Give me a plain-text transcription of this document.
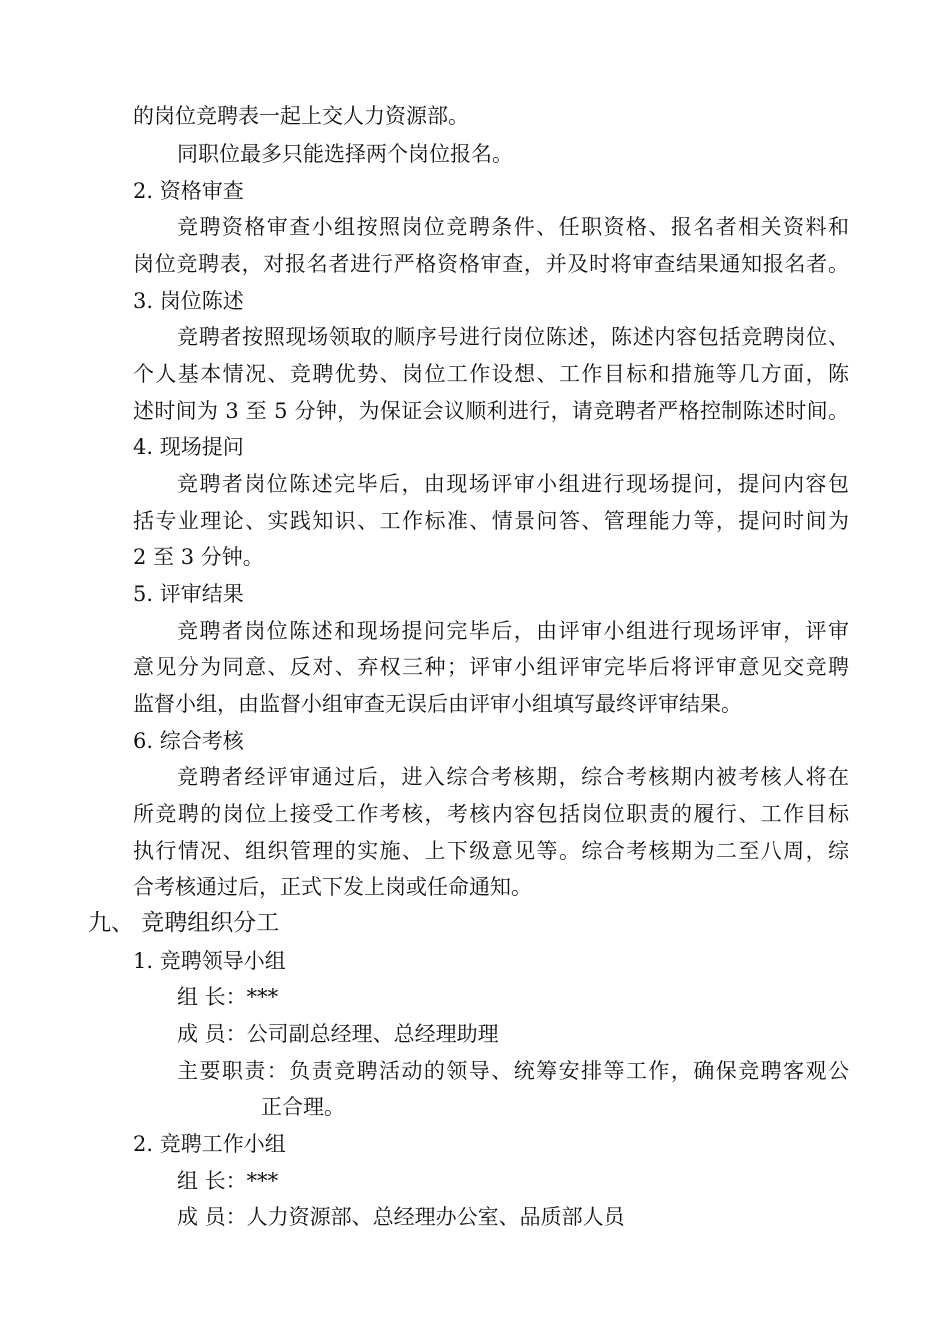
的岗位竞聘表一起上交人力资源部。
同职位最多只能选择两个岗位报名。
2. 资格审查
竞聘资格审查小组按照岗位竞聘条件、任职资格、报名者相关资料和
岗位竞聘表，对报名者进行严格资格审查，并及时将审查结果通知报名者。
3. 岗位陈述
竞聘者按照现场领取的顺序号进行岗位陈述，陈述内容包括竞聘岗位、
个人基本情况、竞聘优势、岗位工作设想、工作目标和措施等几方面，陈
述时间为 3 至 5 分钟，为保证会议顺利进行，请竞聘者严格控制陈述时间。
4. 现场提问
竞聘者岗位陈述完毕后，由现场评审小组进行现场提问，提问内容包
括专业理论、实践知识、工作标准、情景问答、管理能力等，提问时间为
2 至 3 分钟。
5. 评审结果
竞聘者岗位陈述和现场提问完毕后，由评审小组进行现场评审，评审
意见分为同意、反对、弃权三种；评审小组评审完毕后将评审意见交竞聘
监督小组，由监督小组审查无误后由评审小组填写最终评审结果。
6. 综合考核
竞聘者经评审通过后，进入综合考核期，综合考核期内被考核人将在
所竞聘的岗位上接受工作考核，考核内容包括岗位职责的履行、工作目标
执行情况、组织管理的实施、上下级意见等。综合考核期为二至八周，综
合考核通过后，正式下发上岗或任命通知。
九、 竞聘组织分工
1. 竞聘领导小组
组 长：***
成 员：公司副总经理、总经理助理
主要职责：负责竞聘活动的领导、统筹安排等工作，确保竞聘客观公
正合理。
2. 竞聘工作小组
组 长：***
成 员：人力资源部、总经理办公室、品质部人员
